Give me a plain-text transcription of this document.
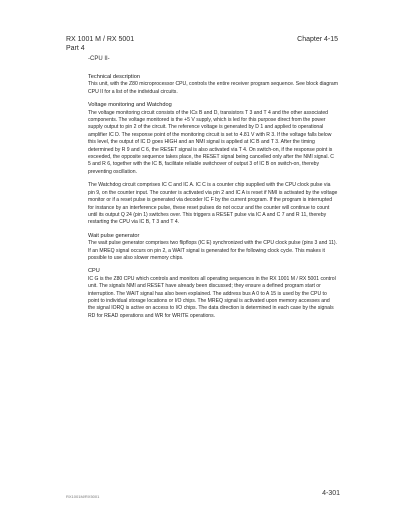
RX 1001 M / RX 5001
Part 4
Chapter 4-15
-CPU II-
Technical description

This unit, with the Z80 microprocessor CPU, controls the entire receiver program sequence. See block diagram CPU II for a list of the individual circuits.

Voltage monitoring and Watchdog

The voltage monitoring circuit consists of the ICs B and D, transistors T 3 and T 4 and the other associated components. The voltage monitored is the +5 V supply, which is led for this purpose direct from the power supply output to pin 2 of the circuit. The reference voltage is generated by D 1 and applied to operational amplifier IC D. The response point of the monitoring circuit is set to 4.81 V with R 3. If the voltage falls below this level, the output of IC D goes HIGH and an NMI signal is applied at IC B and T 3. After the timing determined by R 9 and C 6, the RESET signal is also activated via T 4. On switch-on, if the response point is exceeded, the opposite sequence takes place, the RESET signal being cancelled only after the NMI signal. C 5 and R 6, together with the IC B, facilitate reliable switchover of output 3 of IC B on switch-on, thereby preventing oscillation.

The Watchdog circuit comprises IC C and IC A. IC C is a counter chip supplied with the CPU clock pulse via pin 9, on the counter input. The counter is activated via pin 2 and IC A is reset if NMI is activated by the voltage monitor or if a reset pulse is generated via decoder IC F by the current program. If the program is interrupted for instance by an interference pulse, these reset pulses do not occur and the counter will continue to count until its output Q 24 (pin 1) switches over. This triggers a RESET pulse via IC A and C 7 and R 11, thereby restarting the CPU via IC B, T 3 and T 4.

Wait pulse generator

The wait pulse generator comprises two flipflops (IC E) synchronized with the CPU clock pulse (pins 3 and 11). If an MREQ signal occurs on pin 2, a WAIT signal is generated for the following clock cycle. This makes it possible to use also slower memory chips.

CPU

IC G is the Z80 CPU which controls and monitors all operating sequences in the RX 1001 M / RX 5001 control unit. The signals NMI and RESET have already been discussed; they ensure a defined program start or interruption. The WAIT signal has also been explained. The address bus A 0 to A 15 is used by the CPU to point to individual storage locations or I/O chips. The MREQ signal is activated upon memory accesses and the signal IORQ is active on access to I/O chips. The data direction is determined in each case by the signals RD for READ operations and WR for WRITE operations.

RX1001M/RX5001	4-301
